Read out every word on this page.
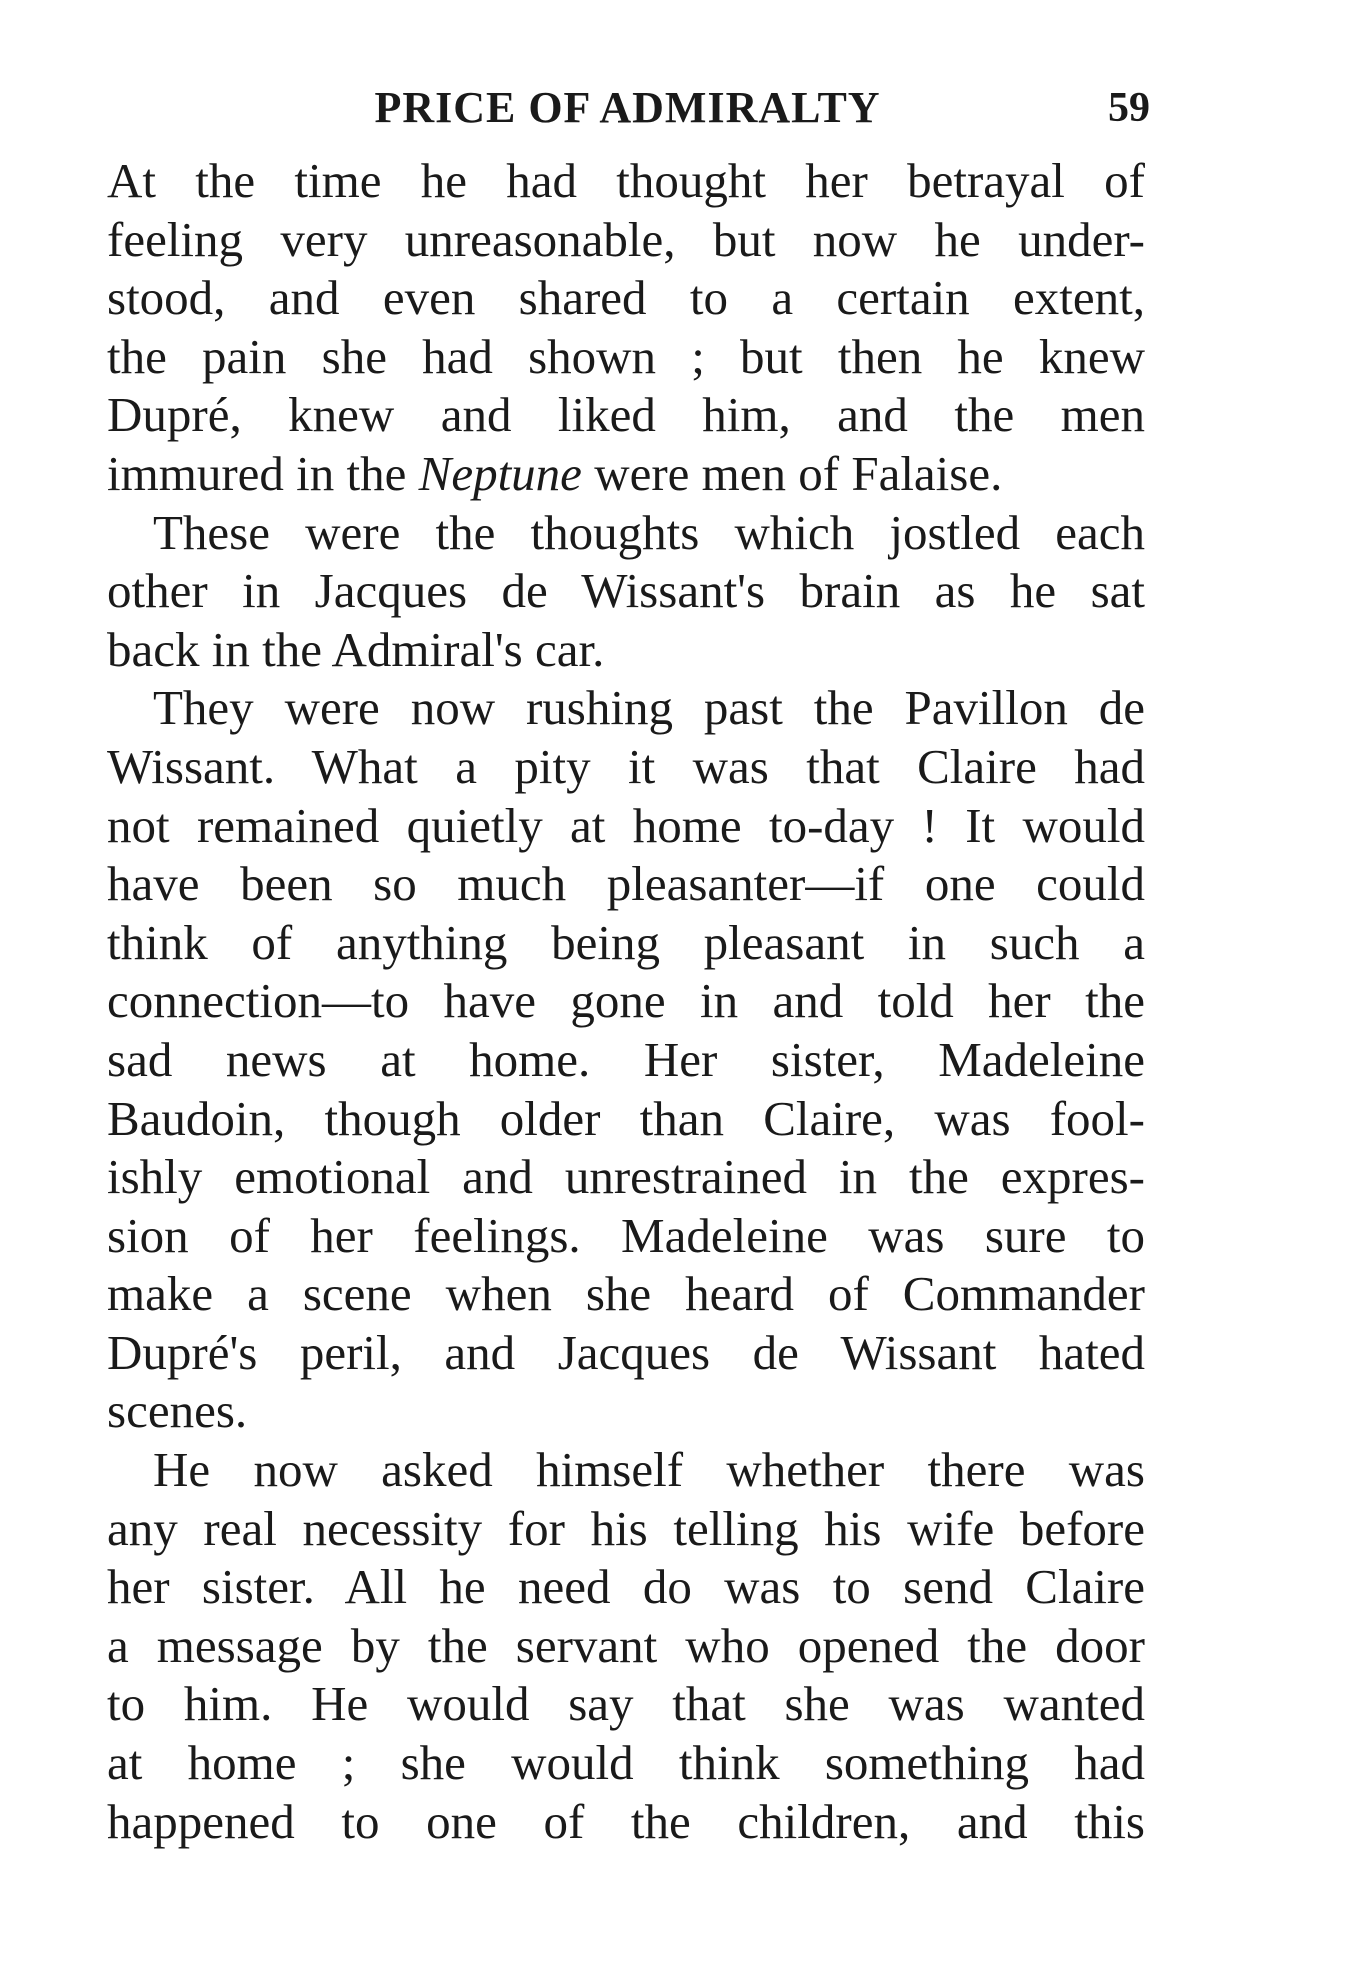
PRICE OF ADMIRALTY	59
At the time he had thought her betrayal of
feeling very unreasonable, but now he under-
stood, and even shared to a certain extent,
the pain she had shown ; but then he knew
Dupré, knew and liked him, and the men
immured in the Neptune were men of Falaise.
These were the thoughts which jostled each
other in Jacques de Wissant's brain as he sat
back in the Admiral's car.
They were now rushing past the Pavillon de
Wissant. What a pity it was that Claire had
not remained quietly at home to-day ! It would
have been so much pleasanter—if one could
think of anything being pleasant in such a
connection—to have gone in and told her the
sad news at home. Her sister, Madeleine
Baudoin, though older than Claire, was fool-
ishly emotional and unrestrained in the expres-
sion of her feelings. Madeleine was sure to
make a scene when she heard of Commander
Dupré's peril, and Jacques de Wissant hated
scenes.
He now asked himself whether there was
any real necessity for his telling his wife before
her sister. All he need do was to send Claire
a message by the servant who opened the door
to him. He would say that she was wanted
at home ; she would think something had
happened to one of the children, and this
